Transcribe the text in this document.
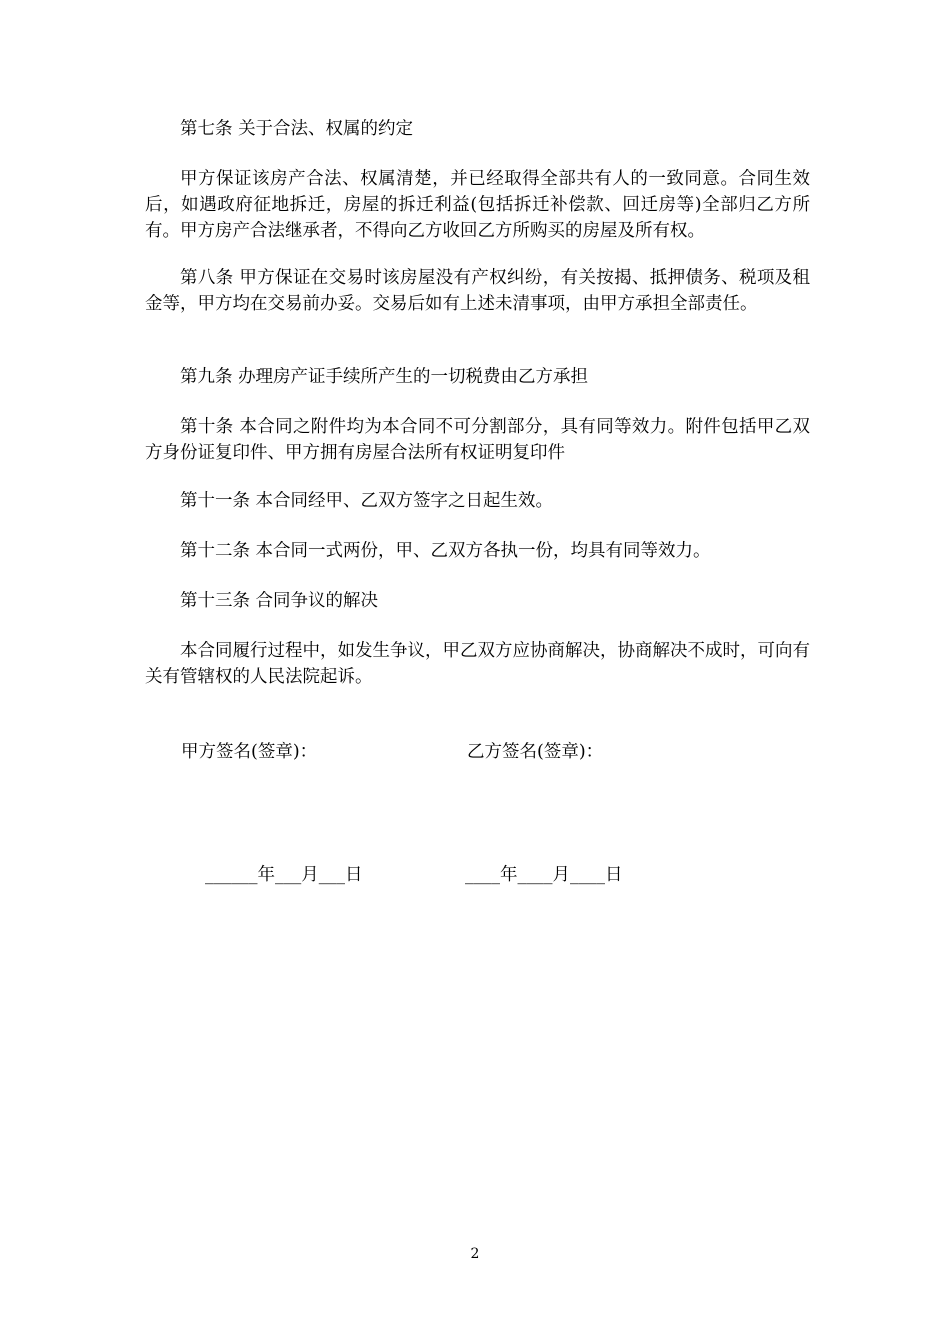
第七条 关于合法、权属的约定

甲方保证该房产合法、权属清楚，并已经取得全部共有人的一致同意。合同生效后，如遇政府征地拆迁，房屋的拆迁利益(包括拆迁补偿款、回迁房等)全部归乙方所有。甲方房产合法继承者，不得向乙方收回乙方所购买的房屋及所有权。

第八条 甲方保证在交易时该房屋没有产权纠纷，有关按揭、抵押债务、税项及租金等，甲方均在交易前办妥。交易后如有上述未清事项，由甲方承担全部责任。

第九条 办理房产证手续所产生的一切税费由乙方承担

第十条 本合同之附件均为本合同不可分割部分，具有同等效力。附件包括甲乙双方身份证复印件、甲方拥有房屋合法所有权证明复印件

第十一条 本合同经甲、乙双方签字之日起生效。

第十二条 本合同一式两份，甲、乙双方各执一份，均具有同等效力。

第十三条 合同争议的解决

本合同履行过程中，如发生争议，甲乙双方应协商解决，协商解决不成时，可向有关有管辖权的人民法院起诉。

甲方签名(签章)：	乙方签名(签章)：
______年___月___日	____年____月____日
2
